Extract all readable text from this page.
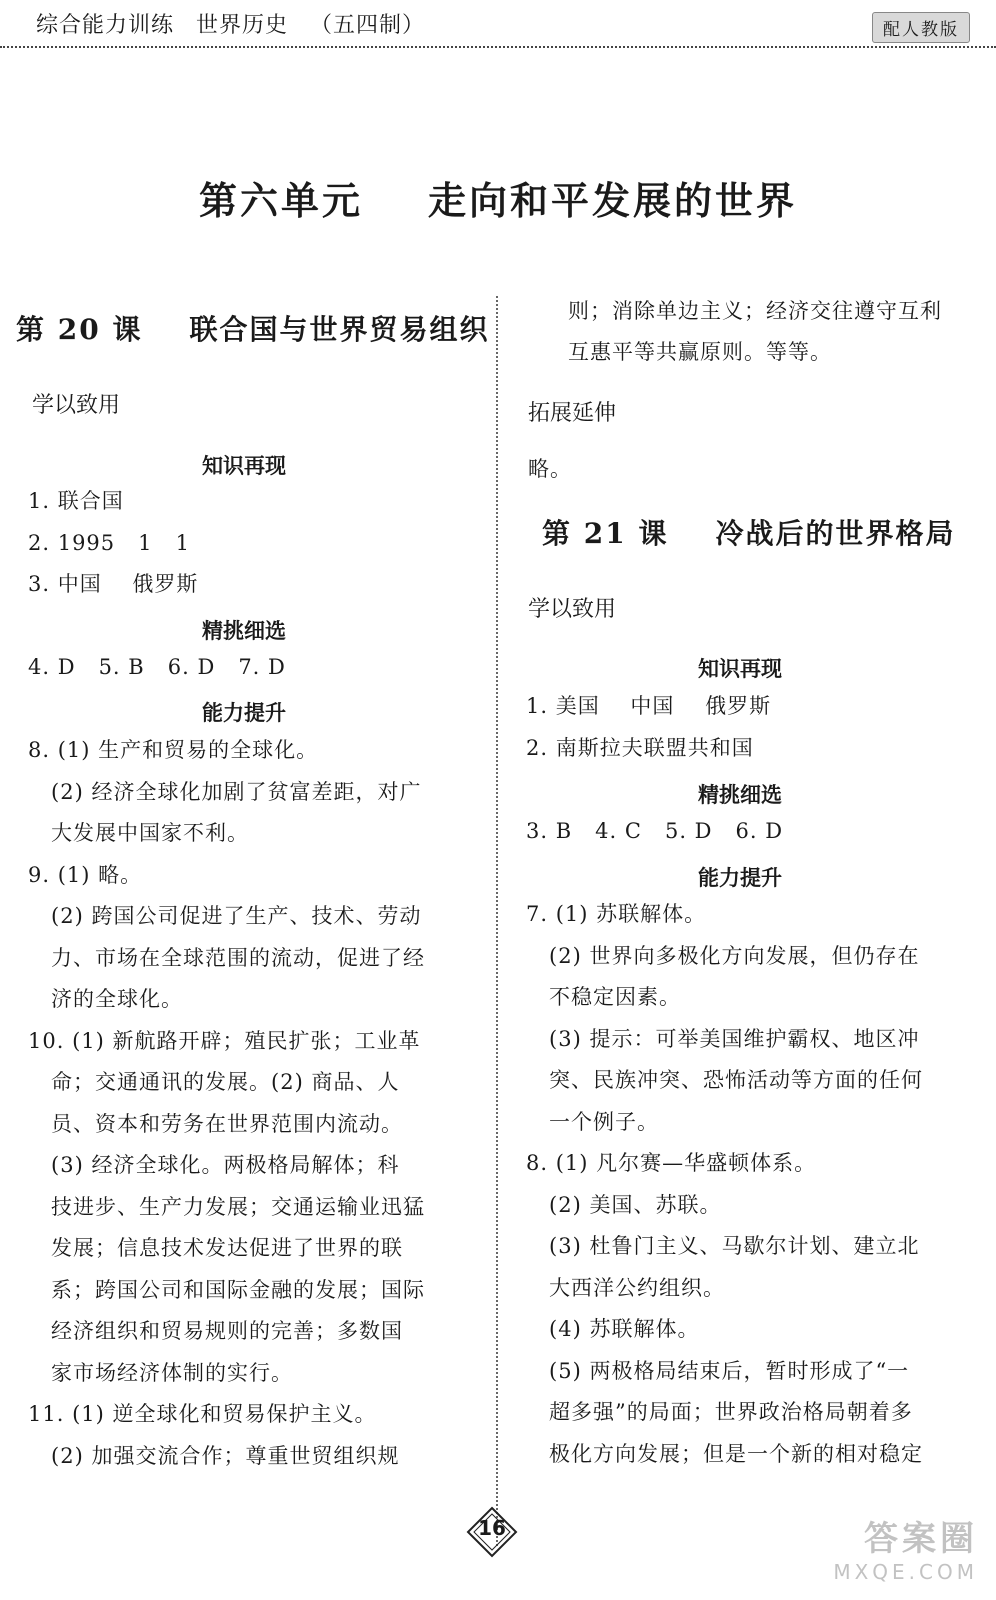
综合能力训练 世界历史 （五四制）	配人教版
第六单元    走向和平发展的世界
第 20 课    联合国与世界贸易组织
学以致用
知识再现
1. 联合国
2. 1995   1   1
3. 中国    俄罗斯
精挑细选
4. D   5. B   6. D   7. D
能力提升
8. (1) 生产和贸易的全球化。
(2) 经济全球化加剧了贫富差距，对广
大发展中国家不利。
9. (1) 略。
(2) 跨国公司促进了生产、技术、劳动
力、市场在全球范围的流动，促进了经
济的全球化。
10. (1) 新航路开辟；殖民扩张；工业革
命；交通通讯的发展。(2) 商品、人
员、资本和劳务在世界范围内流动。
(3) 经济全球化。两极格局解体；科
技进步、生产力发展；交通运输业迅猛
发展；信息技术发达促进了世界的联
系；跨国公司和国际金融的发展；国际
经济组织和贸易规则的完善；多数国
家市场经济体制的实行。
11. (1) 逆全球化和贸易保护主义。
(2) 加强交流合作；尊重世贸组织规
则；消除单边主义；经济交往遵守互利
互惠平等共赢原则。等等。
拓展延伸
略。
第 21 课    冷战后的世界格局
学以致用
知识再现
1. 美国    中国    俄罗斯
2. 南斯拉夫联盟共和国
精挑细选
3. B   4. C   5. D   6. D
能力提升
7. (1) 苏联解体。
(2) 世界向多极化方向发展，但仍存在
不稳定因素。
(3) 提示：可举美国维护霸权、地区冲
突、民族冲突、恐怖活动等方面的任何
一个例子。
8. (1) 凡尔赛—华盛顿体系。
(2) 美国、苏联。
(3) 杜鲁门主义、马歇尔计划、建立北
大西洋公约组织。
(4) 苏联解体。
(5) 两极格局结束后，暂时形成了“一
超多强”的局面；世界政治格局朝着多
极化方向发展；但是一个新的相对稳定
16	答案圈
MXQE.COM
